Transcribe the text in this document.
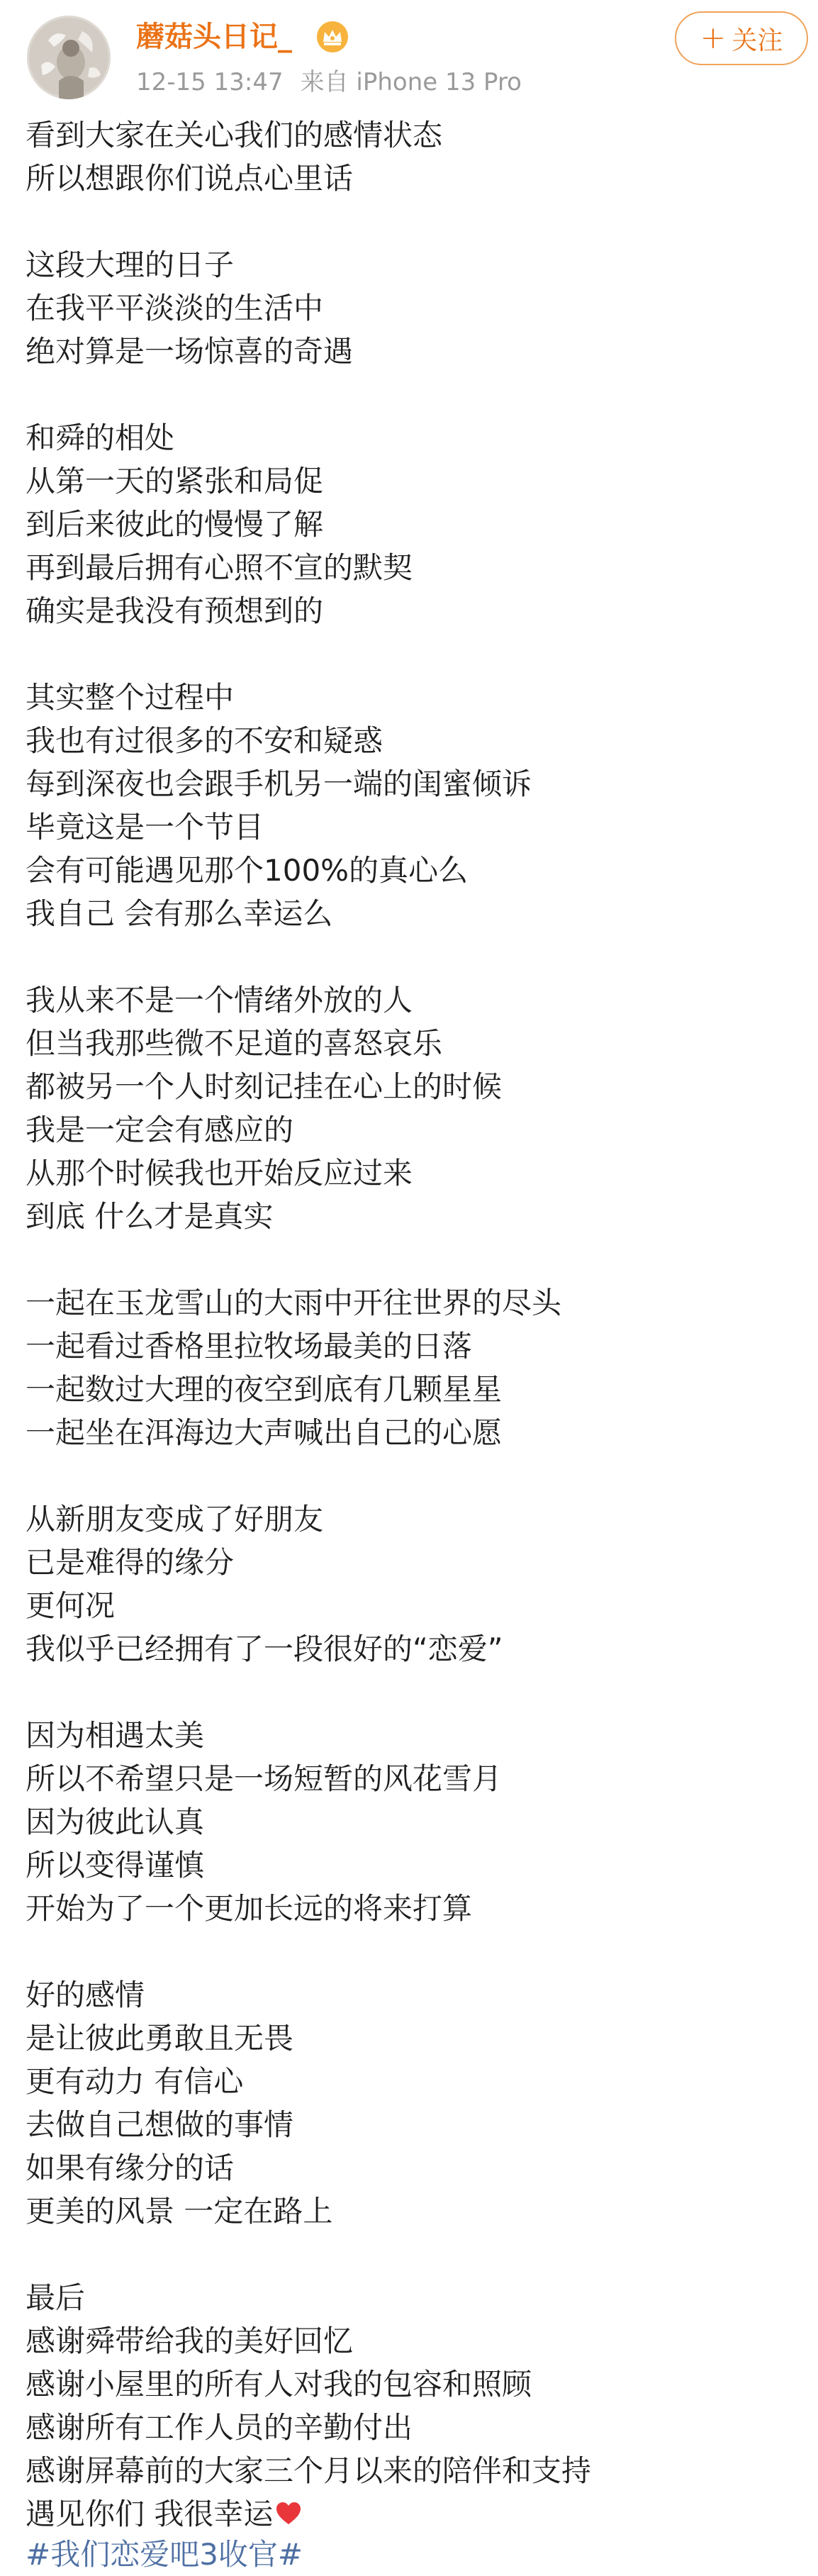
蘑菇头日记_
12-15 13:47 来自 iPhone 13 Pro
+ 关注
看到大家在关心我们的感情状态
所以想跟你们说点心里话
这段大理的日子
在我平平淡淡的生活中
绝对算是一场惊喜的奇遇
和舜的相处
从第一天的紧张和局促
到后来彼此的慢慢了解
再到最后拥有心照不宣的默契
确实是我没有预想到的
其实整个过程中
我也有过很多的不安和疑惑
每到深夜也会跟手机另一端的闺蜜倾诉
毕竟这是一个节目
会有可能遇见那个100%的真心么
我自己 会有那么幸运么
我从来不是一个情绪外放的人
但当我那些微不足道的喜怒哀乐
都被另一个人时刻记挂在心上的时候
我是一定会有感应的
从那个时候我也开始反应过来
到底 什么才是真实
一起在玉龙雪山的大雨中开往世界的尽头
一起看过香格里拉牧场最美的日落
一起数过大理的夜空到底有几颗星星
一起坐在洱海边大声喊出自己的心愿
从新朋友变成了好朋友
已是难得的缘分
更何况
我似乎已经拥有了一段很好的“恋爱”
因为相遇太美
所以不希望只是一场短暂的风花雪月
因为彼此认真
所以变得谨慎
开始为了一个更加长远的将来打算
好的感情
是让彼此勇敢且无畏
更有动力 有信心
去做自己想做的事情
如果有缘分的话
更美的风景 一定在路上
最后
感谢舜带给我的美好回忆
感谢小屋里的所有人对我的包容和照顾
感谢所有工作人员的辛勤付出
感谢屏幕前的大家三个月以来的陪伴和支持
遇见你们 我很幸运
#我们恋爱吧3收官#
